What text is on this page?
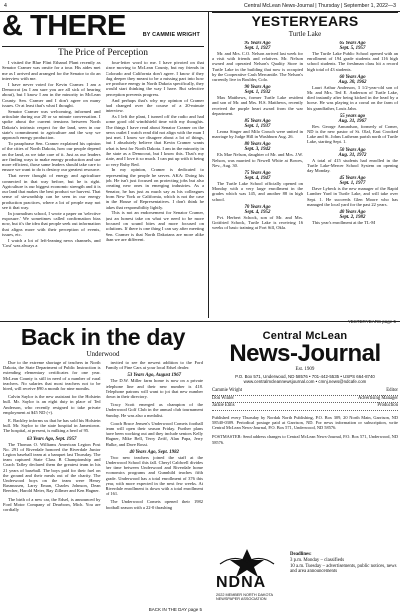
4	Central McLean News-Journal | Thursday | September 1, 2022—3
& THERE	BY CAMMIE WRIGHT
The Price of Perception

I visited the Blue Flint Ethanol Plant recently as Senator Cramer was onsite for a tour. His aides met me as I arrived and arranged for the Senator to do an interview with me.

I have never voted for Kevin Cramer. I am a Democrat (as I am sure you are all sick of hearing about), but I know I am in the minority in McLean County. Sen. Cramer and I don't agree on many issues. Or at least that's what I thought.

Senator Cramer was welcoming, informed and articulate during our 20 or so minute conversation. I spoke about the current tensions between North Dakota's intrinsic respect for the land, seen in our state's commitment to agriculture and the way we approach energy production.

To paraphrase Sen. Cramer explained his opinion of the cities of North Dakota, how our people depend on the land, as we take care of it. Just as our leaders are finding ways to make energy production and use more efficient, those same leaders should take care to ensure we want to do is destroy our greatest resource.

That never thought of energy and agriculture connected in that way before, but he is right. Agriculture is our biggest economic strength and it is our land that makes the best product we harvest. That sense of stewardship can be seen in our energy production practices, where a lot of people may not see it that way.

In journalism school, I wrote a paper on 'selective exposure.' We sometimes called confirmation bias now, but it's the idea that people seek out information that aligns more with their perception of events, issues, etc.

I watch a lot of left-leaning news channels, and 'Cost' was always a

four-letter word to me. I have pivoted on that since moving to McLean County, but my friends in Colorado and California don't agree. I know if they dug deeper they meant to be a missing part into how we produce energy in North Dakota specifically, they would start thinking the way I have. But selective perception prevents progress.

And perhaps that's why my opinion of Cramer had changed over the course of a 20-minute interview.

As I left the plant, I turned off the radio and had some good old windshield time with my thoughts. The things I have read about Senator Cramer on the news outlet I watch read did not align with the man I just met. I know we disagree about a lot of things, but I absolutely believe that Kevin Cramer wants what is best for North Dakota. I am in the minority in the state as a Democrat, but I know this. That's my state, and I love it so much. I can put up with it being so very Ruby Red.

In my opinion, Cramer is dedicated to representing the people he serves. AKA: Doing his job. He isn't just focused on protecting jobs but also creating new ones in emerging industries. As a Senator, he has just as much say as his colleagues from New York or California, which is not the case in the House of Representatives. I don't think he takes that responsibility lightly.

This is not an endorsement for Senator Cramer, just an honest take on what we need to be more focused on sound bites and more focused on solutions. If there is one thing I can say after meeting Sen. Cramer is that North Dakotans are more alike than we are different.

YESTERYEARS
Turtle Lake
95 Years Ago
Sept. 1, 1927
Mr. and Mrs. C.O. Nelson arrived last week for a visit with friends and relatives. Mr. Nelson owned and operated Nelson's Quality Store in Turtle Lake in the building that now is occupied by the Cooperative Cash Mercantile. The Nelson's currently live in Boulder, Colo.
90 Years Ago
Sept. 1, 1932
Max Matthews, former Turtle Lake resident and son of Mr. and Mrs. H.S. Matthews, recently received the purple heart award from the war department.
85 Years Ago
Sept. 1, 1937
Leona Singer and Milo Crouch were united in marriage by Judge Hill in Washburn Aug. 26.
80 Years Ago
Sept. 3, 1942
Els Mae Nelson, daughter of Mr. and Mrs. J.W. Nelson, was married to Newell White at Bowes, Nev., Aug. 30.
75 Years Ago
Sept. 4, 1947
The Turtle Lake School officially opened on Monday with a very large enrollment in the grades which was 145, and another 88 in high school.
70 Years Ago
Sept. 4, 1952
Pvt. Herbert Schock, son of Mr. and Mrs. Gottfried Schock, Turtle Lake is receiving 16 weeks of basic training at Fort Sill, Okla.
65 Years Ago
Sept. 5, 1957
The Turtle Lake Public School opened with an enrollment of 194 grade students and 116 high school students. The freshman class hit a record high total of 43 students.
60 Years Ago
Aug. 30, 1962
Lauri Arthur Anderson, 3 1/2-year-old son of Mr. and Mrs. Ted E. Anderson of Turtle Lake, died instantly after being kicked in the head by a horse. He was playing in a corral on the farm of his grandfather, Louis Jahn.
55 years ago
Aug. 31, 1967
Rev. George Amundson, formerly of Comer, ND is the new pastor of St. Olaf, East Crooked Lake and St. Johns Lutheran parish north of Turtle Lake, starting Sept. 1.
50 Years Ago
Aug. 31, 1972
A total of 415 students had enrolled in the Turtle Lake-Mercer School System on opening day Monday.
45 Years Ago
Sept. 1, 1977
Dave Lybeck is the new manager of the Rapid Lumber Yard in Turtle Lake, and will take over Sept. 1. He succeeds Glen Moore who has managed the local yard for the past 22 years.
40 Years Ago
Sept. 2, 1982
This year's enrollment at the TL-M
Back in the day
Underwood
Due to the extreme shortage of teachers in North Dakota, the State Department of Public Instruction is extending elementary certificates for one year. McLean County is still in need of a number of rural teachers. No salaries that most teachers not to be hired, will receive $90 a month for nine months.
Calvin Saylor is the new assistant for the Holstein bull. Mr. Saylor is an eight duty in place of Ted Anderson, who recently resigned to take private employment at $45 ND (+).
E. Backley informs us that he has sold his Holstein bull. Mr. Saylor to the state hospital in Jamestown. The hospital, at present, is milking a herd of 95.
63 Years Ago, Sept. 1957
The Thomas O. Williams American Legion Post No. 291 of Riverdale honored the Riverdale Junior Legion baseball team at a banquet last Thursday. The team captured State Class B Championship and Coach Tafley declared them the greatest team in his 21 years of baseball. The boys paid for their fuel on the ground and their meals out of the charity. The Underwood boys on the team were Henry Rasmussen, Larry Eman, Charles Johnson, Dean Beecher, Harold Meier, Ray Zillmer and Ken Hagner.
The birth of a new car, the Edsel, is announced by Ford Motor Company of Dearborn, Mich. You are cordially
invited to see the newest addition to the Ford Family of Fine Cars at your local Edsel dealer.
53 Years Ago, August 1967
The D.W. Miller farm home is now on a private telephone line and their new number is 418. Telephone patrons will want to jot that new number down in their directory.
Tracy Scott emerged as champion of the Underwood Golf Club in the annual club tournament Sunday. He was also a medalist.
Coach Bruce Jensen's Underwood Comets football team will open their season Friday. Further plans have been working out and they include seniors Kelly Hagner, Mike Bell, Terry Zeiff, Alan Papa, Jerry Hulke, and Dave Rossi.
40 Years Ago, Sept. 1982
Two new teachers joined the staff at the Underwood School this fall. Cheryl Caldwell divides her time between Underwood and Riverdale home economics programs and Gunnhild teaches fifth grade. Underwood has a total enrollment of 376 this year, with more expected in the next few weeks. At Riverdale enrollment is down with a total enrollment of 161.
The Underwood Comets opened their 1982 football season with a 22-0 thrashing
BACK IN THE DAY page 5
Central McLean
News-Journal
Est. 1909
P.O. Box 571, Underwood, ND 58576 • 701-442-5535 • USPS 664-8740
www.centralmcleannewsjournal.com • cmnj.news@ndcafe.com
Cammie Wright	Editor
Don Winter	Advertising Manager
Jackie Ehlis	Production
Published every Thursday by Nordak North Publishing, P.O. Box 309, 20 North Main, Garrison, ND 58540-0309. Periodical postage paid at Garrison, ND. For news information or subscription, write Central McLean News-Journal, P.O. Box 571, Underwood, ND 58576.
POSTMASTER: Send address changes to Central McLean News-Journal, P.O. Box 571, Underwood, ND 58576.
NDNA
2022 MEMBER NORTH DAKOTA NEWSPAPER ASSOCIATION
Deadlines:
3 p.m. Monday – classifieds
10 a.m. Tuesday – advertisements, public notices, news and area announcements
